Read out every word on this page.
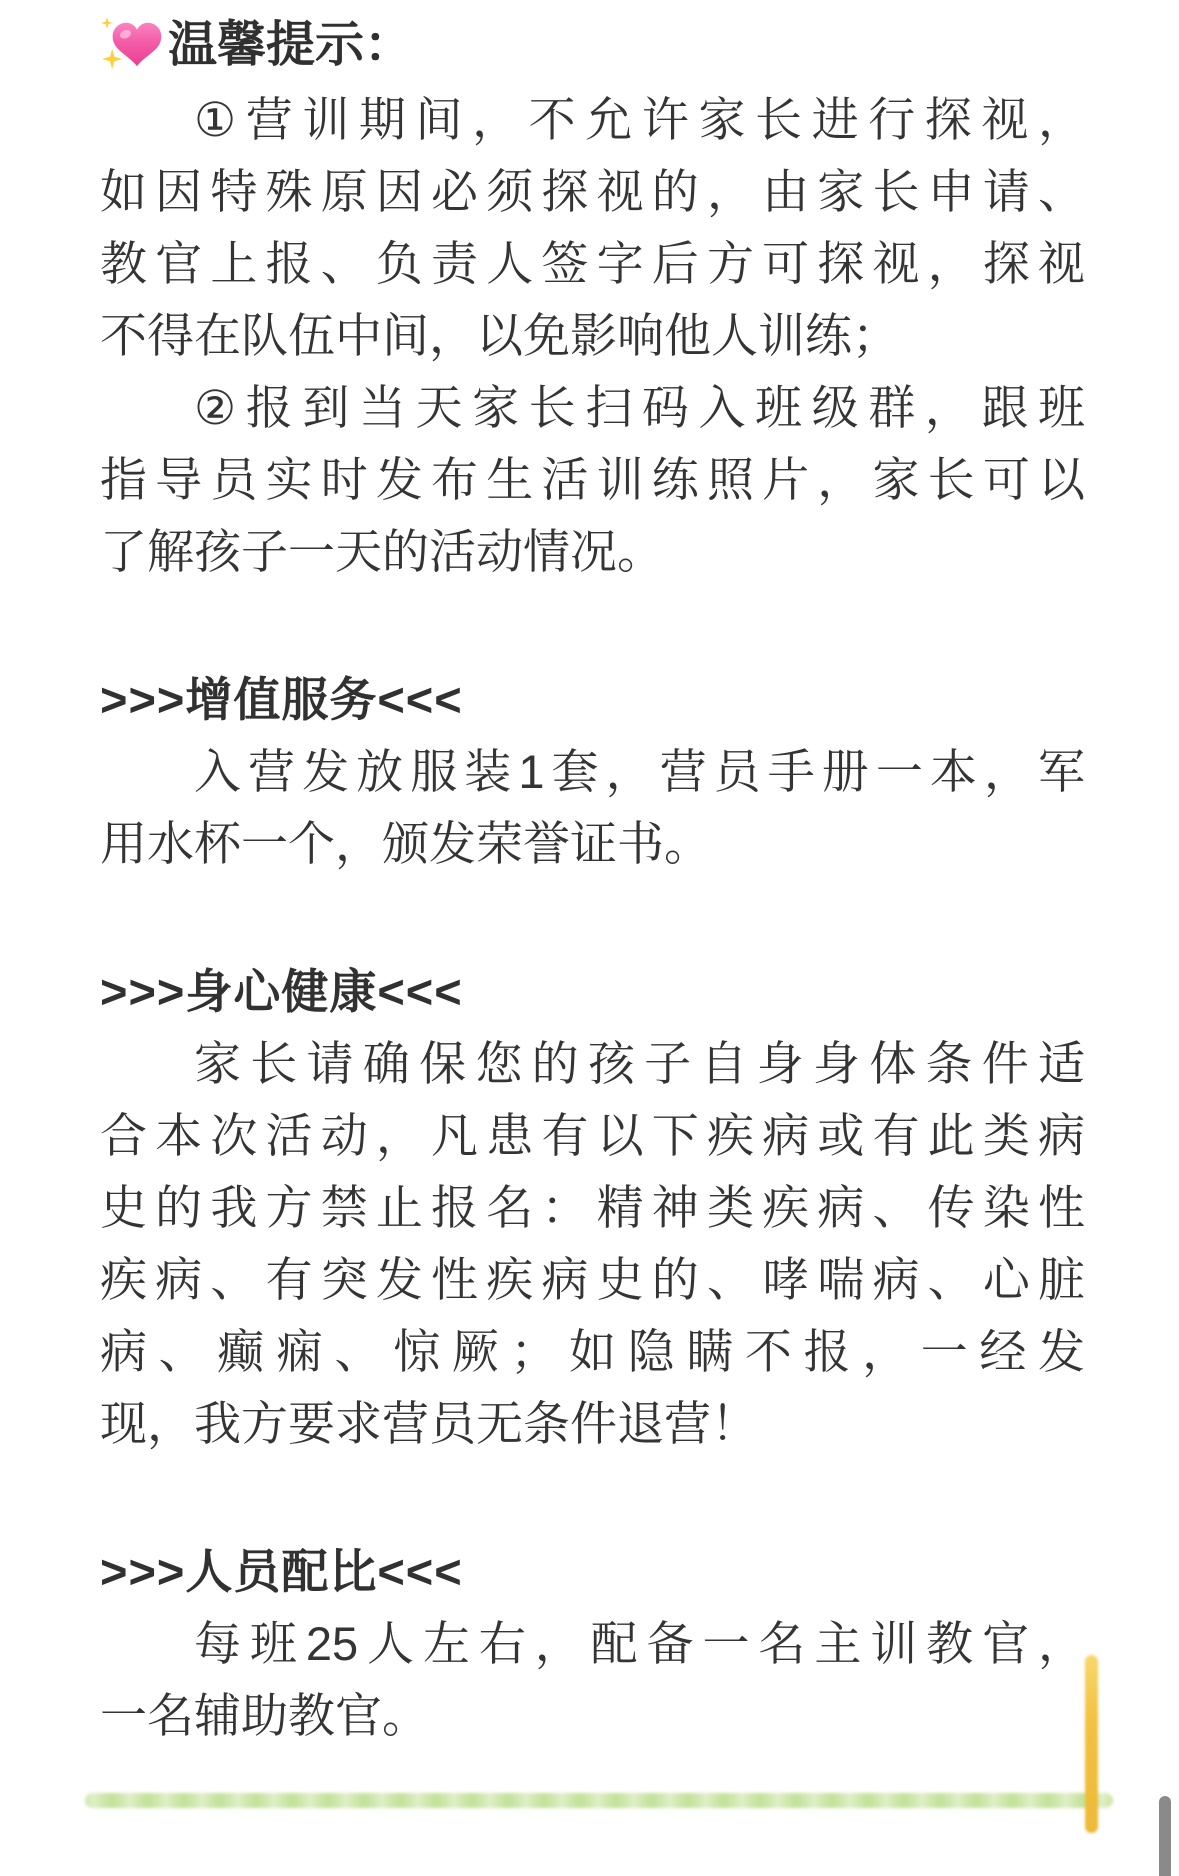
温馨提示：
①营训期间，不允许家长进行探视，
如因特殊原因必须探视的，由家长申请、
教官上报、负责人签字后方可探视，探视
不得在队伍中间，以免影响他人训练；
②报到当天家长扫码入班级群，跟班
指导员实时发布生活训练照片，家长可以
了解孩子一天的活动情况。
>>>增值服务<<<
入营发放服装1套，营员手册一本，军
用水杯一个，颁发荣誉证书。
>>>身心健康<<<
家长请确保您的孩子自身身体条件适
合本次活动，凡患有以下疾病或有此类病
史的我方禁止报名：精神类疾病、传染性
疾病、有突发性疾病史的、哮喘病、心脏
病、癫痫、惊厥；如隐瞒不报，一经发
现，我方要求营员无条件退营！
>>>人员配比<<<
每班25人左右，配备一名主训教官，
一名辅助教官。
